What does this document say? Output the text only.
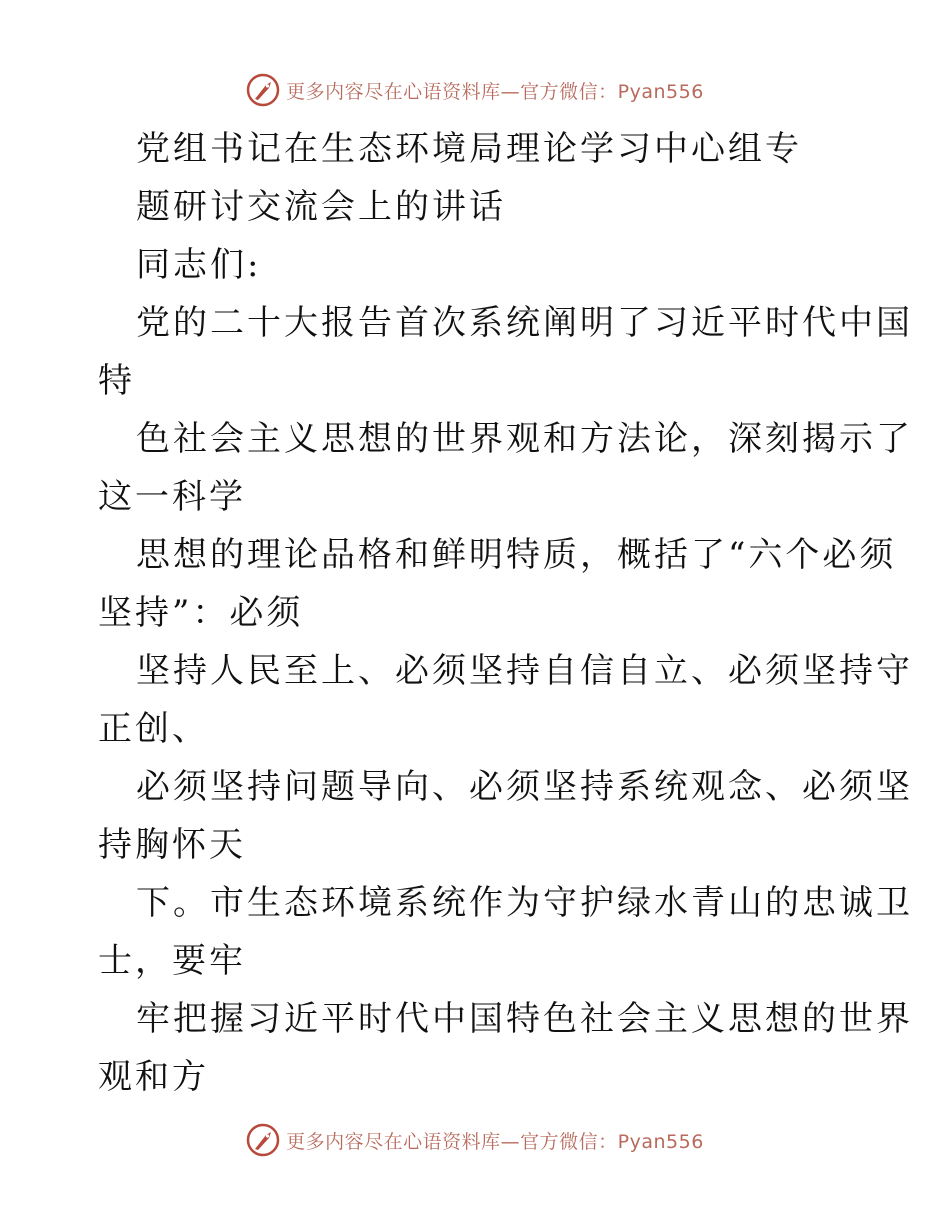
更多内容尽在心语资料库—官方微信：Pyan556
党组书记在生态环境局理论学习中心组专
题研讨交流会上的讲话
同志们:
党的二十大报告首次系统阐明了习近平时代中国
特
色社会主义思想的世界观和方法论，深刻揭示了
这一科学
思想的理论品格和鲜明特质，概括了“六个必须
坚持”：必须
坚持人民至上、必须坚持自信自立、必须坚持守
正创、
必须坚持问题导向、必须坚持系统观念、必须坚
持胸怀天
下。市生态环境系统作为守护绿水青山的忠诚卫
士，要牢
牢把握习近平时代中国特色社会主义思想的世界
观和方
更多内容尽在心语资料库—官方微信：Pyan556
